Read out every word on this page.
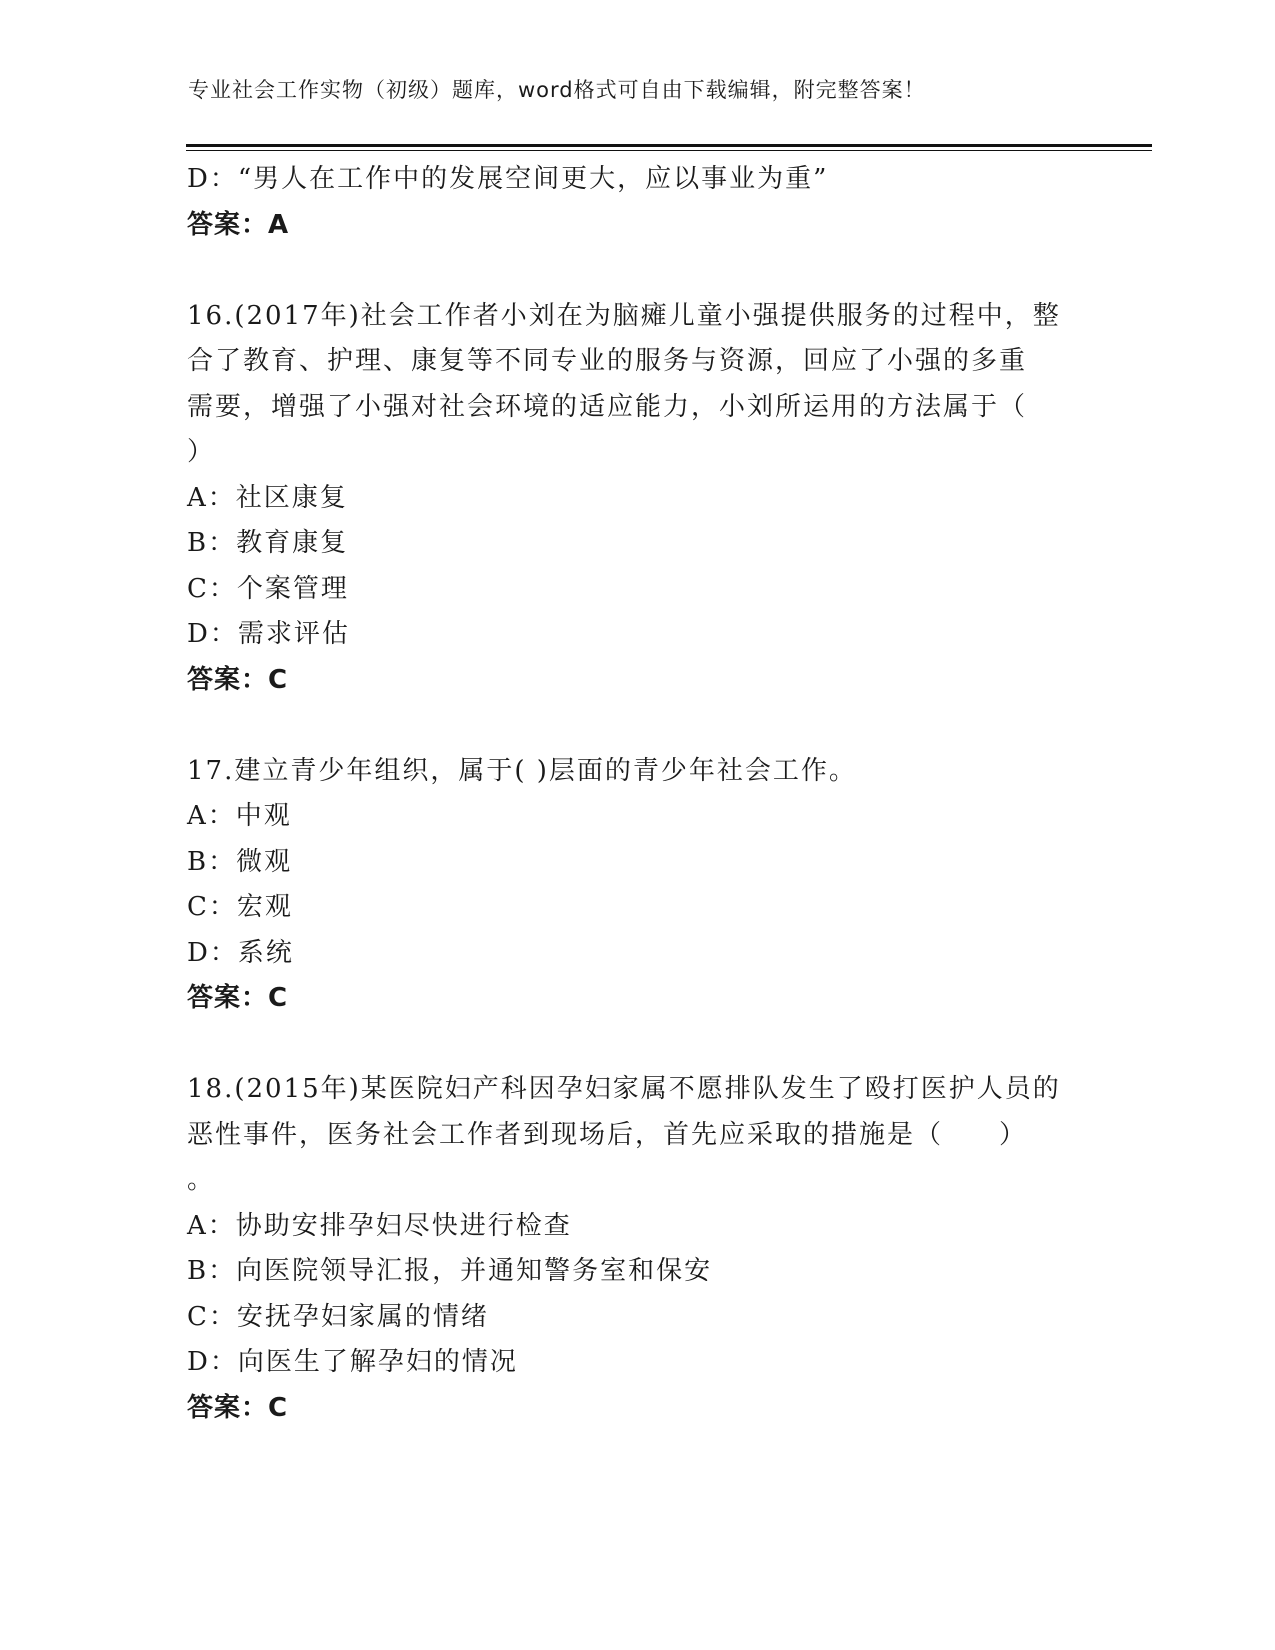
专业社会工作实物（初级）题库，word格式可自由下载编辑，附完整答案！
D：“男人在工作中的发展空间更大，应以事业为重”
答案：A
16.(2017年)社会工作者小刘在为脑瘫儿童小强提供服务的过程中，整
合了教育、护理、康复等不同专业的服务与资源，回应了小强的多重
需要，增强了小强对社会环境的适应能力，小刘所运用的方法属于（
）
A：社区康复
B：教育康复
C：个案管理
D：需求评估
答案：C
17.建立青少年组织，属于( )层面的青少年社会工作。
A：中观
B：微观
C：宏观
D：系统
答案：C
18.(2015年)某医院妇产科因孕妇家属不愿排队发生了殴打医护人员的
恶性事件，医务社会工作者到现场后，首先应采取的措施是（　　）
。
A：协助安排孕妇尽快进行检查
B：向医院领导汇报，并通知警务室和保安
C：安抚孕妇家属的情绪
D：向医生了解孕妇的情况
答案：C
